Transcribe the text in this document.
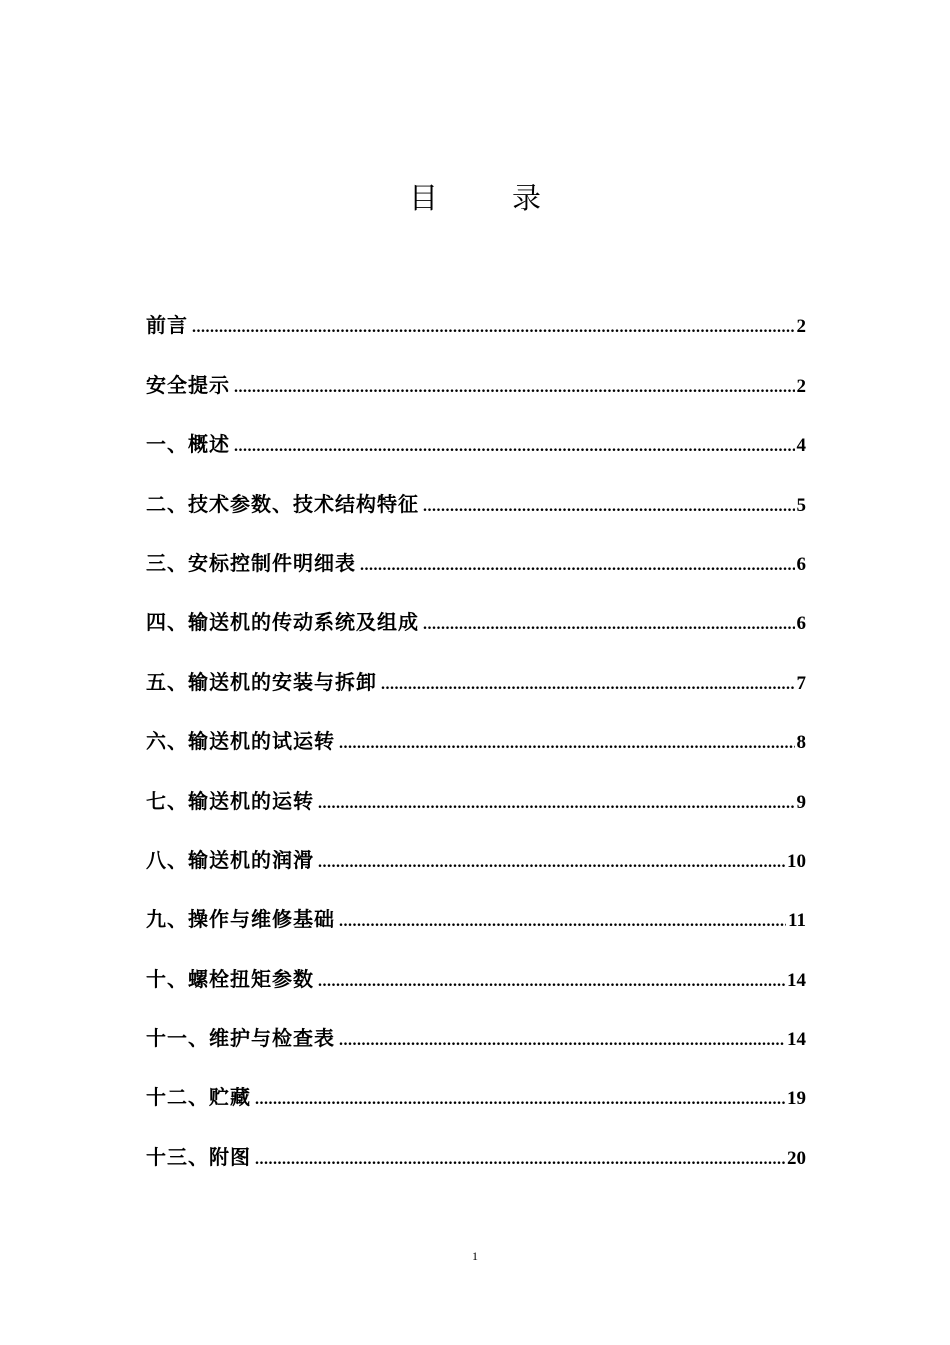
目	录
前言 .....	2
安全提示 .....	2
一、概述 .....	4
二、技术参数、技术结构特征 .....	5
三、安标控制件明细表 .....	6
四、输送机的传动系统及组成 .....	6
五、输送机的安装与拆卸 .....	7
六、输送机的试运转 .....	8
七、输送机的运转 .....	9
八、输送机的润滑 .....	10
九、操作与维修基础 .....	11
十、螺栓扭矩参数 .....	14
十一、维护与检查表 .....	14
十二、贮藏 .....	19
十三、附图 .....	20
1
